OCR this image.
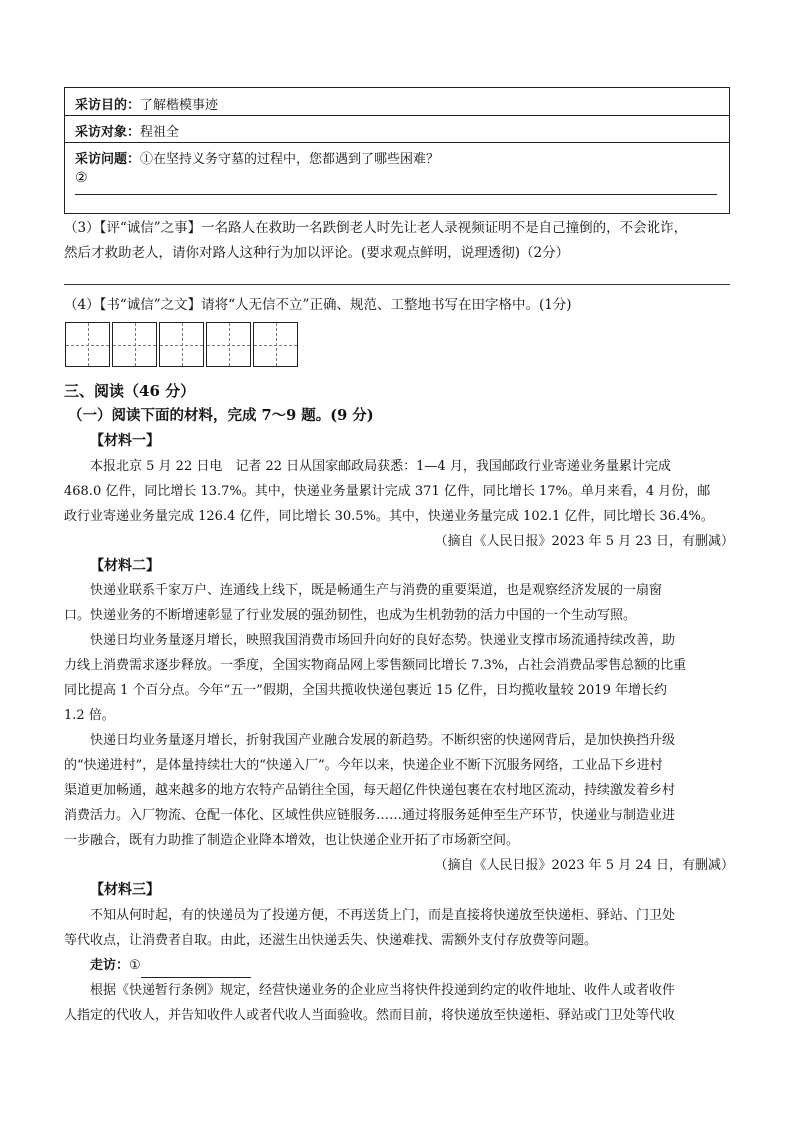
采访目的：了解楷模事迹
采访对象：程祖全
采访问题：①在坚持义务守墓的过程中，您都遇到了哪些困难？
②
（3）【评“诚信”之事】一名路人在救助一名跌倒老人时先让老人录视频证明不是自己撞倒的，不会讹诈，
然后才救助老人，请你对路人这种行为加以评论。(要求观点鲜明，说理透彻)（2分）
（4）【书“诚信”之文】请将“人无信不立”正确、规范、工整地书写在田字格中。(1分)
三、阅读（46 分）
（一）阅读下面的材料，完成 7～9 题。(9 分)
【材料一】
本报北京 5 月 22 日电　记者 22 日从国家邮政局获悉：1—4 月，我国邮政行业寄递业务量累计完成
468.0 亿件，同比增长 13.7%。其中，快递业务量累计完成 371 亿件，同比增长 17%。单月来看，4 月份，邮
政行业寄递业务量完成 126.4 亿件，同比增长 30.5%。其中，快递业务量完成 102.1 亿件，同比增长 36.4%。
（摘自《人民日报》2023 年 5 月 23 日，有删减）
【材料二】
快递业联系千家万户、连通线上线下，既是畅通生产与消费的重要渠道，也是观察经济发展的一扇窗
口。快递业务的不断增速彰显了行业发展的强劲韧性，也成为生机勃勃的活力中国的一个生动写照。
快递日均业务量逐月增长，映照我国消费市场回升向好的良好态势。快递业支撑市场流通持续改善，助
力线上消费需求逐步释放。一季度，全国实物商品网上零售额同比增长 7.3%，占社会消费品零售总额的比重
同比提高 1 个百分点。今年“五一”假期，全国共揽收快递包裹近 15 亿件，日均揽收量较 2019 年增长约
1.2 倍。
快递日均业务量逐月增长，折射我国产业融合发展的新趋势。不断织密的快递网背后，是加快换挡升级
的“快递进村”，是体量持续壮大的“快递入厂”。今年以来，快递企业不断下沉服务网络，工业品下乡进村
渠道更加畅通，越来越多的地方农特产品销往全国，每天超亿件快递包裹在农村地区流动，持续激发着乡村
消费活力。入厂物流、仓配一体化、区域性供应链服务……通过将服务延伸至生产环节，快递业与制造业进
一步融合，既有力助推了制造企业降本增效，也让快递企业开拓了市场新空间。
（摘自《人民日报》2023 年 5 月 24 日，有删减）
【材料三】
不知从何时起，有的快递员为了投递方便，不再送货上门，而是直接将快递放至快递柜、驿站、门卫处
等代收点，让消费者自取。由此，还滋生出快递丢失、快递难找、需额外支付存放费等问题。
走访：①
根据《快递暂行条例》规定，经营快递业务的企业应当将快件投递到约定的收件地址、收件人或者收件
人指定的代收人，并告知收件人或者代收人当面验收。然而目前，将快递放至快递柜、驿站或门卫处等代收
